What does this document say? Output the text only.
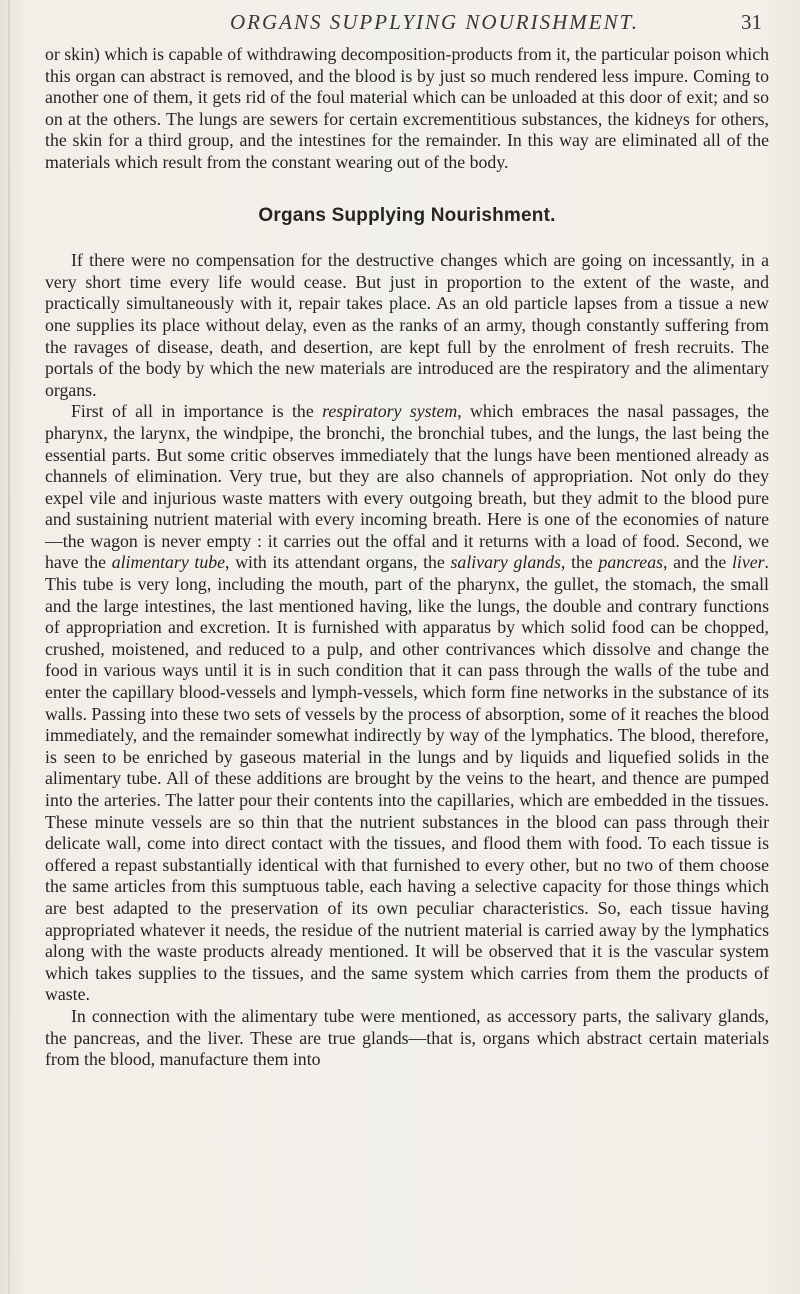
ORGANS SUPPLYING NOURISHMENT.	31

or skin) which is capable of withdrawing decomposition-products from it, the particular poison which this organ can abstract is removed, and the blood is by just so much rendered less impure. Coming to another one of them, it gets rid of the foul material which can be unloaded at this door of exit; and so on at the others. The lungs are sewers for certain excrementitious substances, the kidneys for others, the skin for a third group, and the intestines for the remainder. In this way are eliminated all of the materials which result from the constant wearing out of the body.

Organs Supplying Nourishment.

If there were no compensation for the destructive changes which are going on incessantly, in a very short time every life would cease. But just in proportion to the extent of the waste, and practically simultaneously with it, repair takes place. As an old particle lapses from a tissue a new one supplies its place without delay, even as the ranks of an army, though constantly suffering from the ravages of disease, death, and desertion, are kept full by the enrolment of fresh recruits. The portals of the body by which the new materials are introduced are the respiratory and the alimentary organs.

First of all in importance is the respiratory system, which embraces the nasal passages, the pharynx, the larynx, the windpipe, the bronchi, the bronchial tubes, and the lungs, the last being the essential parts. But some critic observes immediately that the lungs have been mentioned already as channels of elimination. Very true, but they are also channels of appropriation. Not only do they expel vile and injurious waste matters with every outgoing breath, but they admit to the blood pure and sustaining nutrient material with every incoming breath. Here is one of the economies of nature—the wagon is never empty : it carries out the offal and it returns with a load of food. Second, we have the alimentary tube, with its attendant organs, the salivary glands, the pancreas, and the liver. This tube is very long, including the mouth, part of the pharynx, the gullet, the stomach, the small and the large intestines, the last mentioned having, like the lungs, the double and contrary functions of appropriation and excretion. It is furnished with apparatus by which solid food can be chopped, crushed, moistened, and reduced to a pulp, and other contrivances which dissolve and change the food in various ways until it is in such condition that it can pass through the walls of the tube and enter the capillary blood-vessels and lymph-vessels, which form fine networks in the substance of its walls. Passing into these two sets of vessels by the process of absorption, some of it reaches the blood immediately, and the remainder somewhat indirectly by way of the lymphatics. The blood, therefore, is seen to be enriched by gaseous material in the lungs and by liquids and liquefied solids in the alimentary tube. All of these additions are brought by the veins to the heart, and thence are pumped into the arteries. The latter pour their contents into the capillaries, which are embedded in the tissues. These minute vessels are so thin that the nutrient substances in the blood can pass through their delicate wall, come into direct contact with the tissues, and flood them with food. To each tissue is offered a repast substantially identical with that furnished to every other, but no two of them choose the same articles from this sumptuous table, each having a selective capacity for those things which are best adapted to the preservation of its own peculiar characteristics. So, each tissue having appropriated whatever it needs, the residue of the nutrient material is carried away by the lymphatics along with the waste products already mentioned. It will be observed that it is the vascular system which takes supplies to the tissues, and the same system which carries from them the products of waste.

In connection with the alimentary tube were mentioned, as accessory parts, the salivary glands, the pancreas, and the liver. These are true glands—that is, organs which abstract certain materials from the blood, manufacture them into
